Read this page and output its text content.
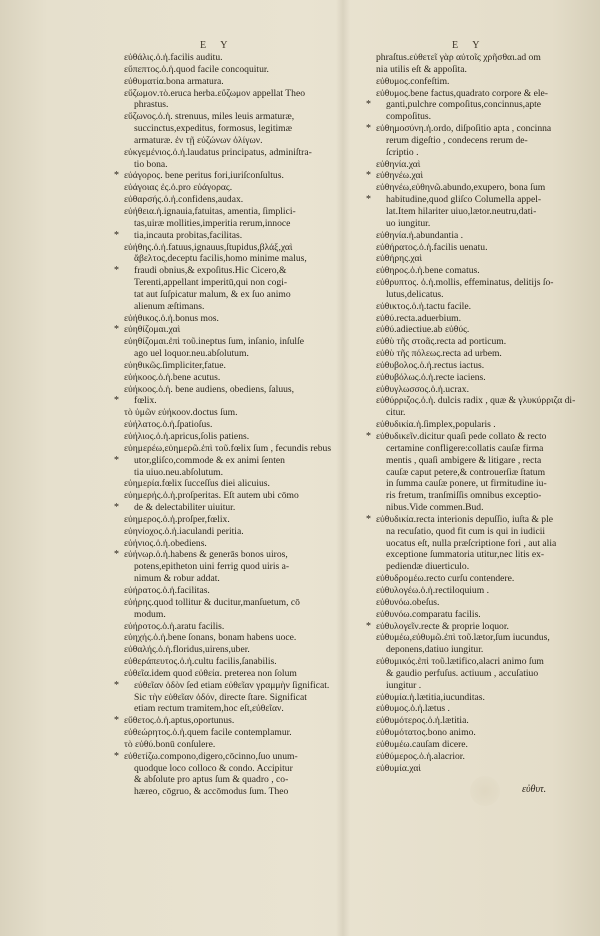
E Y	E Y
εὐθάλις.ὁ.ἡ.facilis auditu.
εὔπεπτος.ὁ.ἡ.quod facile concoquitur.
εὐθυματία.bona armatura.
εὔζωμον.τὸ.eruca herba.εὔζωμον appellat Theo
phrastus.
εὔζωνος.ὁ.ἡ. strenuus, miles leuis armaturæ,
succinctus,expeditus, formosus, legitimæ
armaturæ. ἐν τῇ εὐζώνων ὀλίγων.
εὐκγεμένιος.ὁ.ἡ.laudatus principatus, adminiſtra-
tio bona.
* εὐάγορος. bene peritus fori,iuriſconſultus.
εὐάγοιας ἐς.ὁ.pro εὐάγορας.
εὐθαρσής.ὁ.ἡ.confidens,audax.
εὐήθεια.ἡ.ignauia,fatuitas, amentia, ſimplici-
tas,uiræ mollities,imperitia rerum,innoce
* tia,incauta probitas,facilitas.
εὐήθης.ὁ.ἡ.fatuus,ignauus,ſtupidus,βλάξ,χαὶ
ἄβελτος,deceptu facilis,homo minime malus,
* fraudi obnius,& expoſitus.Hic Cicero,&
Terenti,appellant imperitū,qui non cogi-
tat aut ſuſpicatur malum, & ex ſuo animo
alienum æſtimans.
εὐήθικος.ὁ.ἡ.bonus mos.
* εὐηθίζομαι.χαὶ
εὐηθίζομαι.ἐπὶ τοῦ.ineptus ſum, inſanio, inſulſe
ago uel loquor.neu.abſolutum.
εὐηθικῶς.ſimpliciter,fatue.
εὐήκοος.ὁ.ἡ.bene acutus.
εὐήκοος.ὁ.ἡ. bene audiens, obediens, ſaluus,
* fœlix.
τὸ ὑμῶν εὐήκοον.doctus ſum.
εὐήλατος.ὁ.ἡ.ſpatioſus.
εὐήλιος.ὁ.ἡ.apricus,ſolis patiens.
εὐημερέω,εὐημερῶ.ἐπὶ τοῦ.fœlix ſum , fecundis rebus
* utor,gliſco,commode & ex animi ſenten
tia uiuo.neu.abſolutum.
εὐημερία.fœlix ſucceſſus diei alicuius.
εὐημερής.ὁ.ἡ.proſperitas. Eſt autem ubi cōmo
* de & delectabiliter uiuitur.
εὐημερος.ὁ.ἡ.proſper,fœlix.
εὐηνίοχος.ὁ.ἡ.iaculandi peritia.
εὐήνιος.ὁ.ἡ.obediens.
* εὐήνωρ.ὁ.ἡ.habens & generās bonos uiros,
potens,epitheton uini ferrig quod uiris a-
nimum & robur addat.
εὐήρατος.ὁ.ἡ.facilitas.
εὐήρης.quod tollitur & ducitur,manſuetum, cō
modum.
εὐήροτος.ὁ.ἡ.aratu facilis.
εὐηχής.ὁ.ἡ.bene ſonans, bonam habens uoce.
εὐθαλής.ὁ.ἡ.floridus,uirens,uber.
εὐθεράπευτος.ὁ.ἡ.cultu facilis,ſanabilis.
εὐθεῖα.idem quod εὐθεία. preterea non ſolum
* εὐθεῖαν ὁδὸν ſed etiam εὐθεῖαν γραμμὴν ſignificat.
Sic τὴν εὐθεῖαν ὁδόν, directe ſtare. Significat
etiam rectum tramitem,hoc eſt,εὐθεῖαν.
* εὔθετος.ὁ.ἡ.aptus,oportunus.
εὐθεώρητος.ὁ.ἡ.quem facile contemplamur.
τὸ εὐθύ.bonū conſulere.
* εὐθετίζω.compono,digero,cōcinno,ſuo unum-
quodque loco colloco & condo. Accipitur
& abſolute pro aptus ſum & quadro , co-
hæreo, cōgruo, & accōmodus ſum. Theo
phraſtus.εὐθετεῖ γὰρ αὐτοῖς χρῆσθαι.ad om
nia utilis eſt & appoſita.
εὐθυμος.confeſtim.
εὐθυμος.bene factus,quadrato corpore & ele-
* ganti,pulchre compoſitus,concinnus,apte
compoſitus.
* εὐθημοσύνη.ἡ.ordo, diſpoſitio apta , concinna
rerum digeſtio , condecens rerum de-
ſcriptio .
εὐθηνία.χαὶ
* εὐθηνέω.χαὶ
εὐθηνέω,εὐθηνῶ.abundo,exupero, bona ſum
* habitudine,quod gliſco Columella appel-
lat.Item hilariter uiuo,lætor.neutru,dati-
uo iungitur.
εὐθηνία.ἡ.abundantia .
εὐθήρατος.ὁ.ἡ.facilis uenatu.
εὐθήρης.χαὶ
εὐθηρος.ὁ.ἡ.bene comatus.
εὐθρυπτος. ὁ.ἡ.mollis, effeminatus, delitijs ſo-
lutus,delicatus.
εὐθικτος.ὁ.ἡ.tactu facile.
εὐθύ.recta.aduerbium.
εὐθύ.adiectiue.ab εὐθύς.
εὐθὺ τῆς στοᾶς.recta ad porticum.
εὐθὺ τῆς πόλεως.recta ad urbem.
εὐθυβολος.ὁ.ἡ.rectus iactus.
εὐθυβόλως.ὁ.ἡ.recte iaciens.
εὐθυγλωσσος.ὁ.ἡ.ucrax.
εὐθύρριζος.ὁ.ἡ. dulcis radix , quæ & γλυκύρριζα di-
citur.
εὐθυδικία.ἡ.ſimplex,popularis .
* εὐθυδικεῖν.dicitur quaſi pede collato & recto
certamine confligere:collatis cauſæ firma
mentis , quaſi ambigere & litigare , recta
cauſæ caput petere,& controuerſiæ ſtatum
in ſumma cauſæ ponere, ut firmitudine iu-
ris fretum, tranſmiſſis omnibus exceptio-
nibus.Vide commen.Bud.
* εὐθυδικία.recta interionis depuſſio, iuſta & ple
na recuſatio, quod fit cum is qui in iudicii
uocatus eſt, nulla præſcriptione fori , aut alia
exceptione ſummatoria utitur,nec litis ex-
pediendæ diuerticulo.
εὐθυδρομέω.recto curſu contendere.
εὐθυλογέω.ὁ.ἡ.rectiloquium .
εὐθυνόω.obeſus.
εὐθυνόω.comparatu facilis.
* εὐθυλογεῖν.recte & proprie loquor.
εὐθυμέω,εὐθυμῶ.ἐπὶ τοῦ.lætor,ſum iucundus,
deponens,datiuo iungitur.
εὐθυμικός.ἐπὶ τοῦ.lætifico,alacri animo ſum
& gaudio perfuſus. actiuum , accuſatiuo
iungitur .
εὐθυμία.ἡ.lætitia,iucunditas.
εὐθυμος.ὁ.ἡ.lætus .
εὐθυμότερος.ὁ.ἡ.lætitia.
εὐθυμότατος.bono animo.
εὐθυμέω.cauſam dicere.
εὐθύμερος.ὁ.ἡ.alacrior.
εὐθυμία.χαὶ
εὐθυτ.
